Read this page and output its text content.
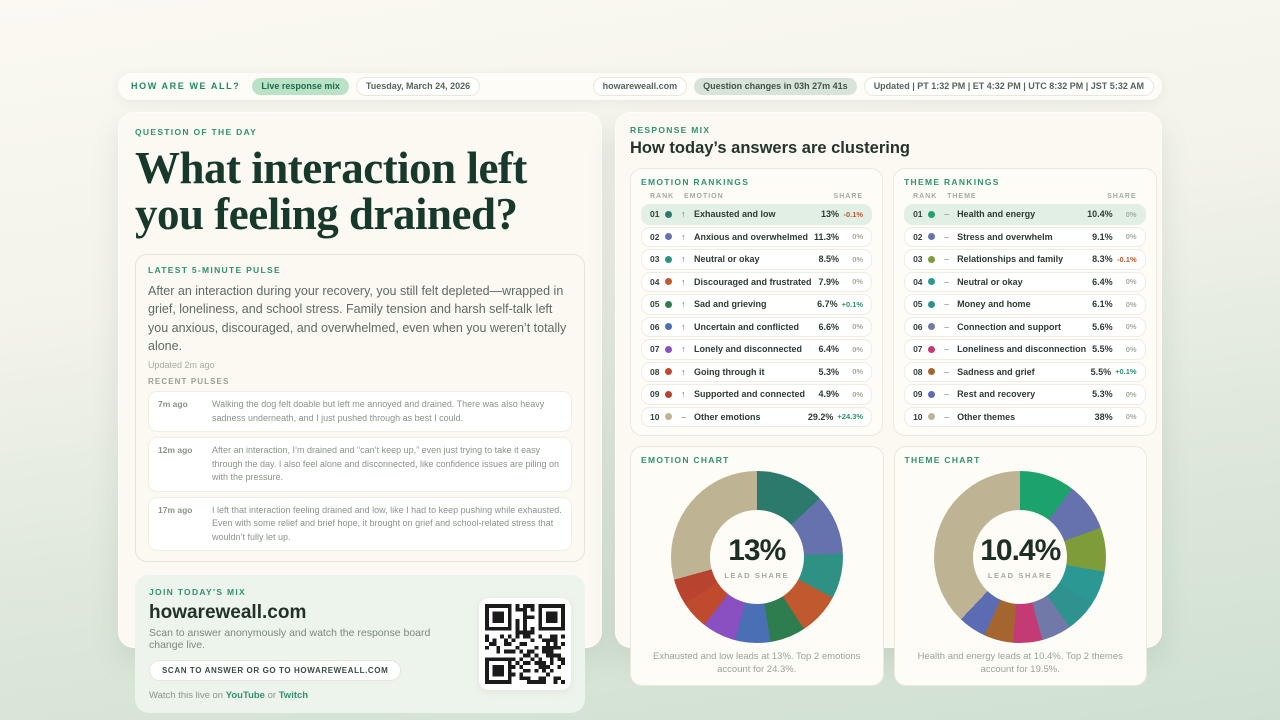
HOW ARE WE ALL?	Live response mix	Tuesday, March 24, 2026	howareweall.com	Question changes in 03h 27m 41s	Updated | PT 1:32 PM | ET 4:32 PM | UTC 8:32 PM | JST 5:32 AM
QUESTION OF THE DAY
What interaction left you feeling drained?
LATEST 5-MINUTE PULSE

After an interaction during your recovery, you still felt depleted—wrapped in grief, loneliness, and school stress. Family tension and harsh self-talk left you anxious, discouraged, and overwhelmed, even when you weren’t totally alone.

Updated 2m ago
RECENT PULSES
7m ago	Walking the dog felt doable but left me annoyed and drained. There was also heavy sadness underneath, and I just pushed through as best I could.
12m ago	After an interaction, I’m drained and “can’t keep up,” even just trying to take it easy through the day. I also feel alone and disconnected, like confidence issues are piling on with the pressure.
17m ago	I left that interaction feeling drained and low, like I had to keep pushing while exhausted. Even with some relief and brief hope, it brought on grief and school-related stress that wouldn’t fully let up.
JOIN TODAY'S MIX
howareweall.com
Scan to answer anonymously and watch the response board change live.
SCAN TO ANSWER OR GO TO HOWAREWEALL.COM
Watch this live on YouTube or Twitch
RESPONSE MIX
How today’s answers are clustering
EMOTION RANKINGS
RANK	EMOTION	SHARE
01	↑ Exhausted and low	13% -0.1%
02	↑ Anxious and overwhelmed 11.3%	0%
03	↑ Neutral or okay	8.5%	0%
04	↑ Discouraged and frustrated 7.9%	0%
05	↑ Sad and grieving	6.7% +0.1%
06	↑ Uncertain and conflicted	6.6%	0%
07	↑ Lonely and disconnected	6.4%	0%
08	↑ Going through it	5.3%	0%
09	↑ Supported and connected	4.9%	0%
10	– Other emotions	29.2% +24.3%
THEME RANKINGS
RANK	THEME	SHARE
01	– Health and energy	10.4%	0%
02	– Stress and overwhelm	9.1%	0%
03	– Relationships and family	8.3% -0.1%
04	– Neutral or okay	6.4%	0%
05	– Money and home	6.1%	0%
06	– Connection and support	5.6%	0%
07	– Loneliness and disconnection 5.5%	0%
08	– Sadness and grief	5.5% +0.1%
09	– Rest and recovery	5.3%	0%
10	– Other themes	38%	0%
EMOTION CHART
13%
LEAD SHARE
Exhausted and low leads at 13%. Top 2 emotions account for 24.3%.
THEME CHART
10.4%
LEAD SHARE
Health and energy leads at 10.4%. Top 2 themes account for 19.5%.
